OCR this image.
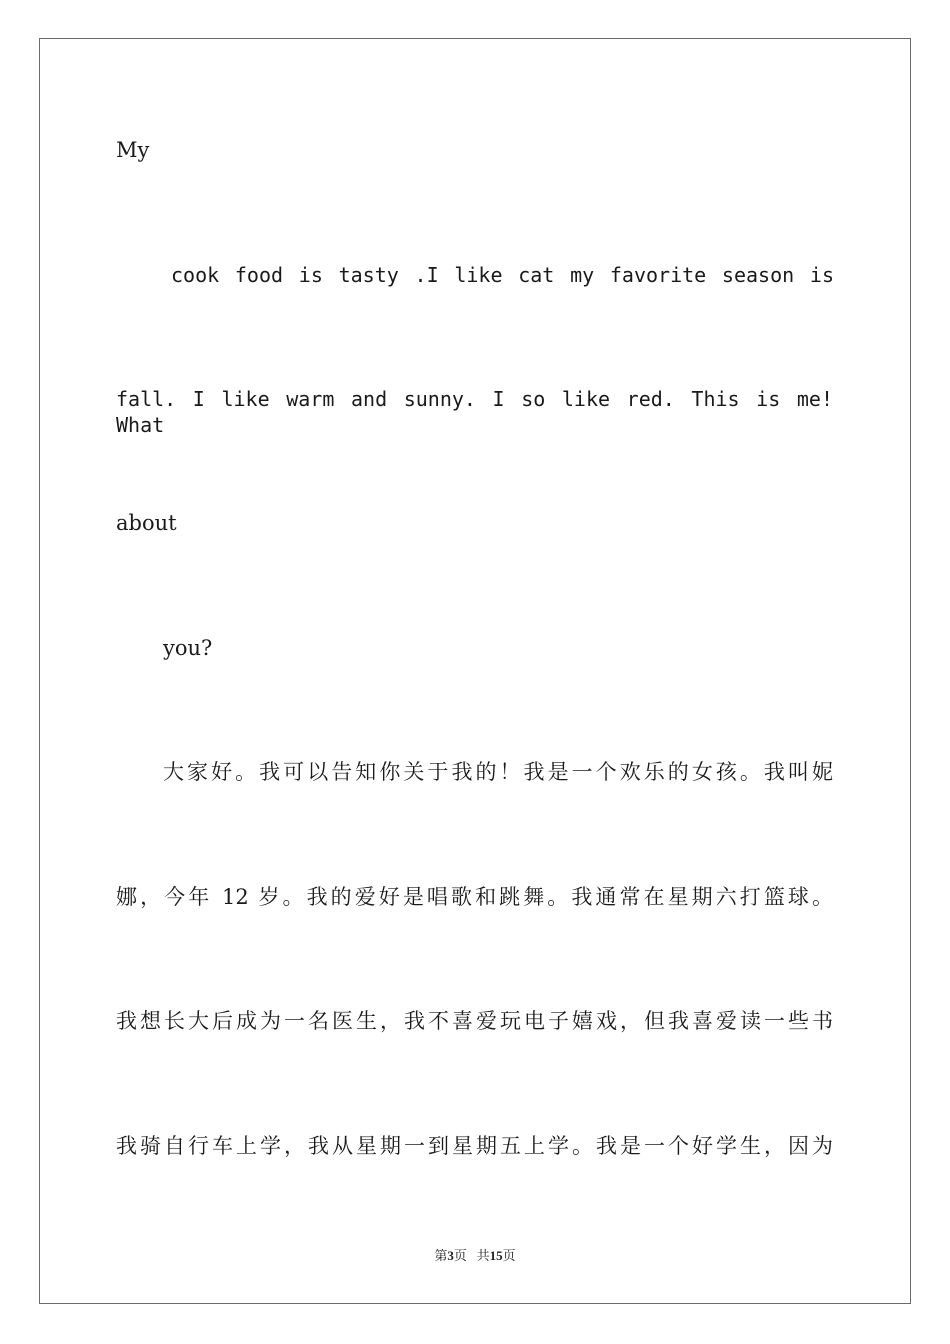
My
cook food is tasty .I like cat my favorite season is
fall. I like warm and sunny. I so like red. This is me! What
about
you?
大家好。我可以告知你关于我的！我是一个欢乐的女孩。我叫妮
娜，今年 12 岁。我的爱好是唱歌和跳舞。我通常在星期六打篮球。
我想长大后成为一名医生，我不喜爱玩电子嬉戏，但我喜爱读一些书
我骑自行车上学，我从星期一到星期五上学。我是一个好学生，因为
第3页 共15页
